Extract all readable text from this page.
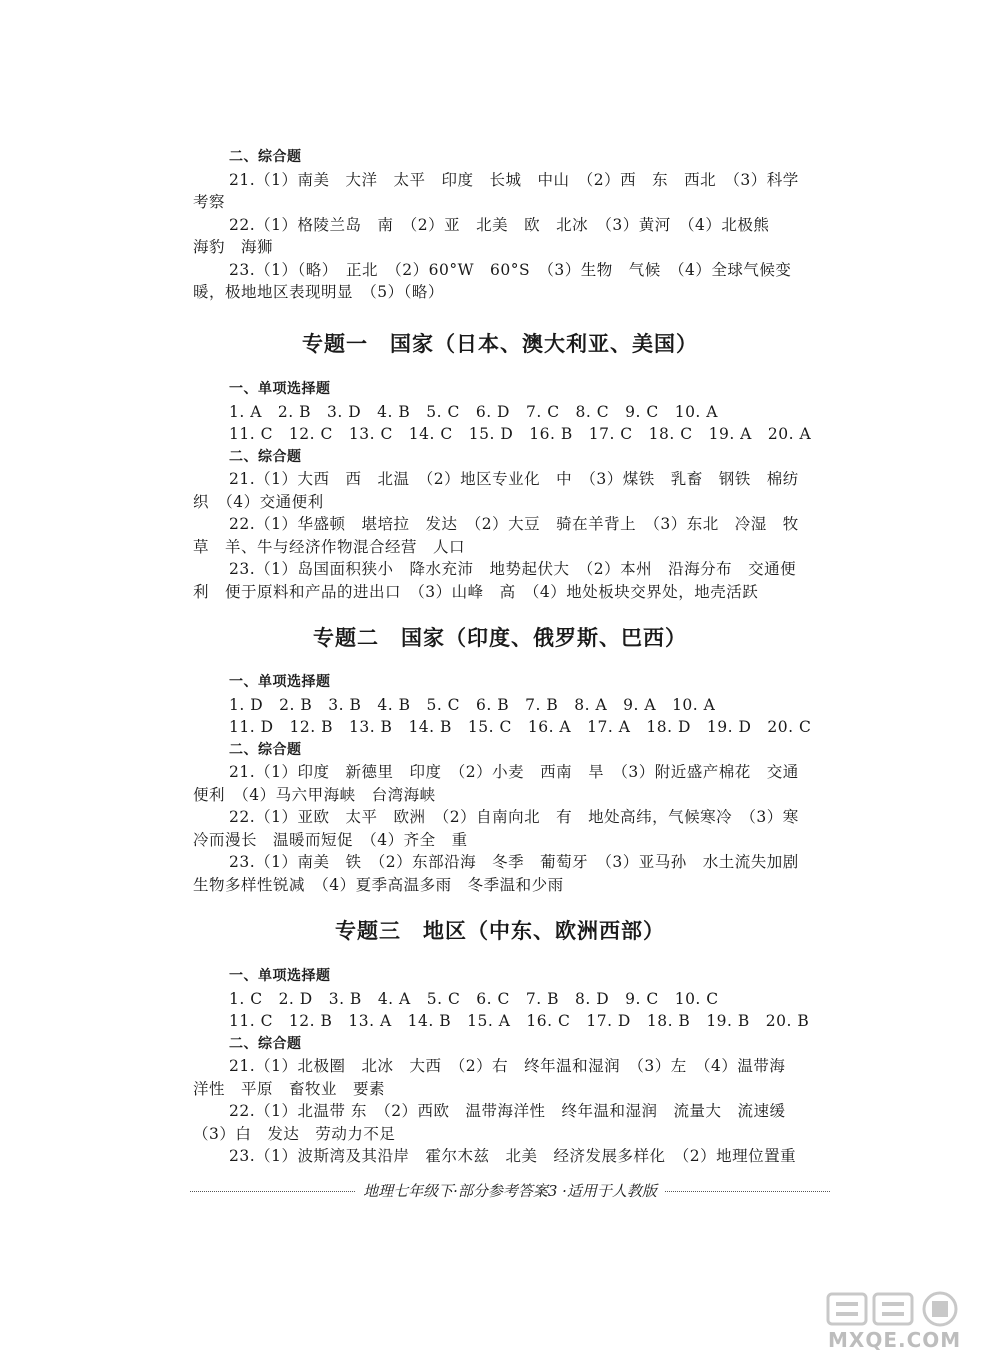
二、综合题
21.（1）南美　大洋　太平　印度　长城　中山　（2）西　东　西北　（3）科学
考察
22.（1）格陵兰岛　南　（2）亚　北美　欧　北冰　（3）黄河　（4）北极熊
海豹　海狮
23.（1）（略）　正北　（2）60°W　60°S　（3）生物　气候　（4）全球气候变
暖，极地地区表现明显　（5）（略）
专题一　国家（日本、澳大利亚、美国）
一、单项选择题
1. A　2. B　3. D　4. B　5. C　6. D　7. C　8. C　9. C　10. A
11. C　12. C　13. C　14. C　15. D　16. B　17. C　18. C　19. A　20. A
二、综合题
21.（1）大西　西　北温　（2）地区专业化　中　（3）煤铁　乳畜　钢铁　棉纺
织　（4）交通便利
22.（1）华盛顿　堪培拉　发达　（2）大豆　骑在羊背上　（3）东北　冷湿　牧
草　羊、牛与经济作物混合经营　人口
23.（1）岛国面积狭小　降水充沛　地势起伏大　（2）本州　沿海分布　交通便
利　便于原料和产品的进出口　（3）山峰　高　（4）地处板块交界处，地壳活跃
专题二　国家（印度、俄罗斯、巴西）
一、单项选择题
1. D　2. B　3. B　4. B　5. C　6. B　7. B　8. A　9. A　10. A
11. D　12. B　13. B　14. B　15. C　16. A　17. A　18. D　19. D　20. C
二、综合题
21.（1）印度　新德里　印度　（2）小麦　西南　旱　（3）附近盛产棉花　交通
便利　（4）马六甲海峡　台湾海峡
22.（1）亚欧　太平　欧洲　（2）自南向北　有　地处高纬，气候寒冷　（3）寒
冷而漫长　温暖而短促　（4）齐全　重
23.（1）南美　铁　（2）东部沿海　冬季　葡萄牙　（3）亚马孙　水土流失加剧
生物多样性锐减　（4）夏季高温多雨　冬季温和少雨
专题三　地区（中东、欧洲西部）
一、单项选择题
1. C　2. D　3. B　4. A　5. C　6. C　7. B　8. D　9. C　10. C
11. C　12. B　13. A　14. B　15. A　16. C　17. D　18. B　19. B　20. B
二、综合题
21.（1）北极圈　北冰　大西　（2）右　终年温和湿润　（3）左　（4）温带海
洋性　平原　畜牧业　要素
22.（1）北温带 东　（2）西欧　温带海洋性　终年温和湿润　流量大　流速缓
（3）白　发达　劳动力不足
23.（1）波斯湾及其沿岸　霍尔木兹　北美　经济发展多样化　（2）地理位置重
地理七年级下·部分参考答案3 ·适用于人教版
MXQE.COM
